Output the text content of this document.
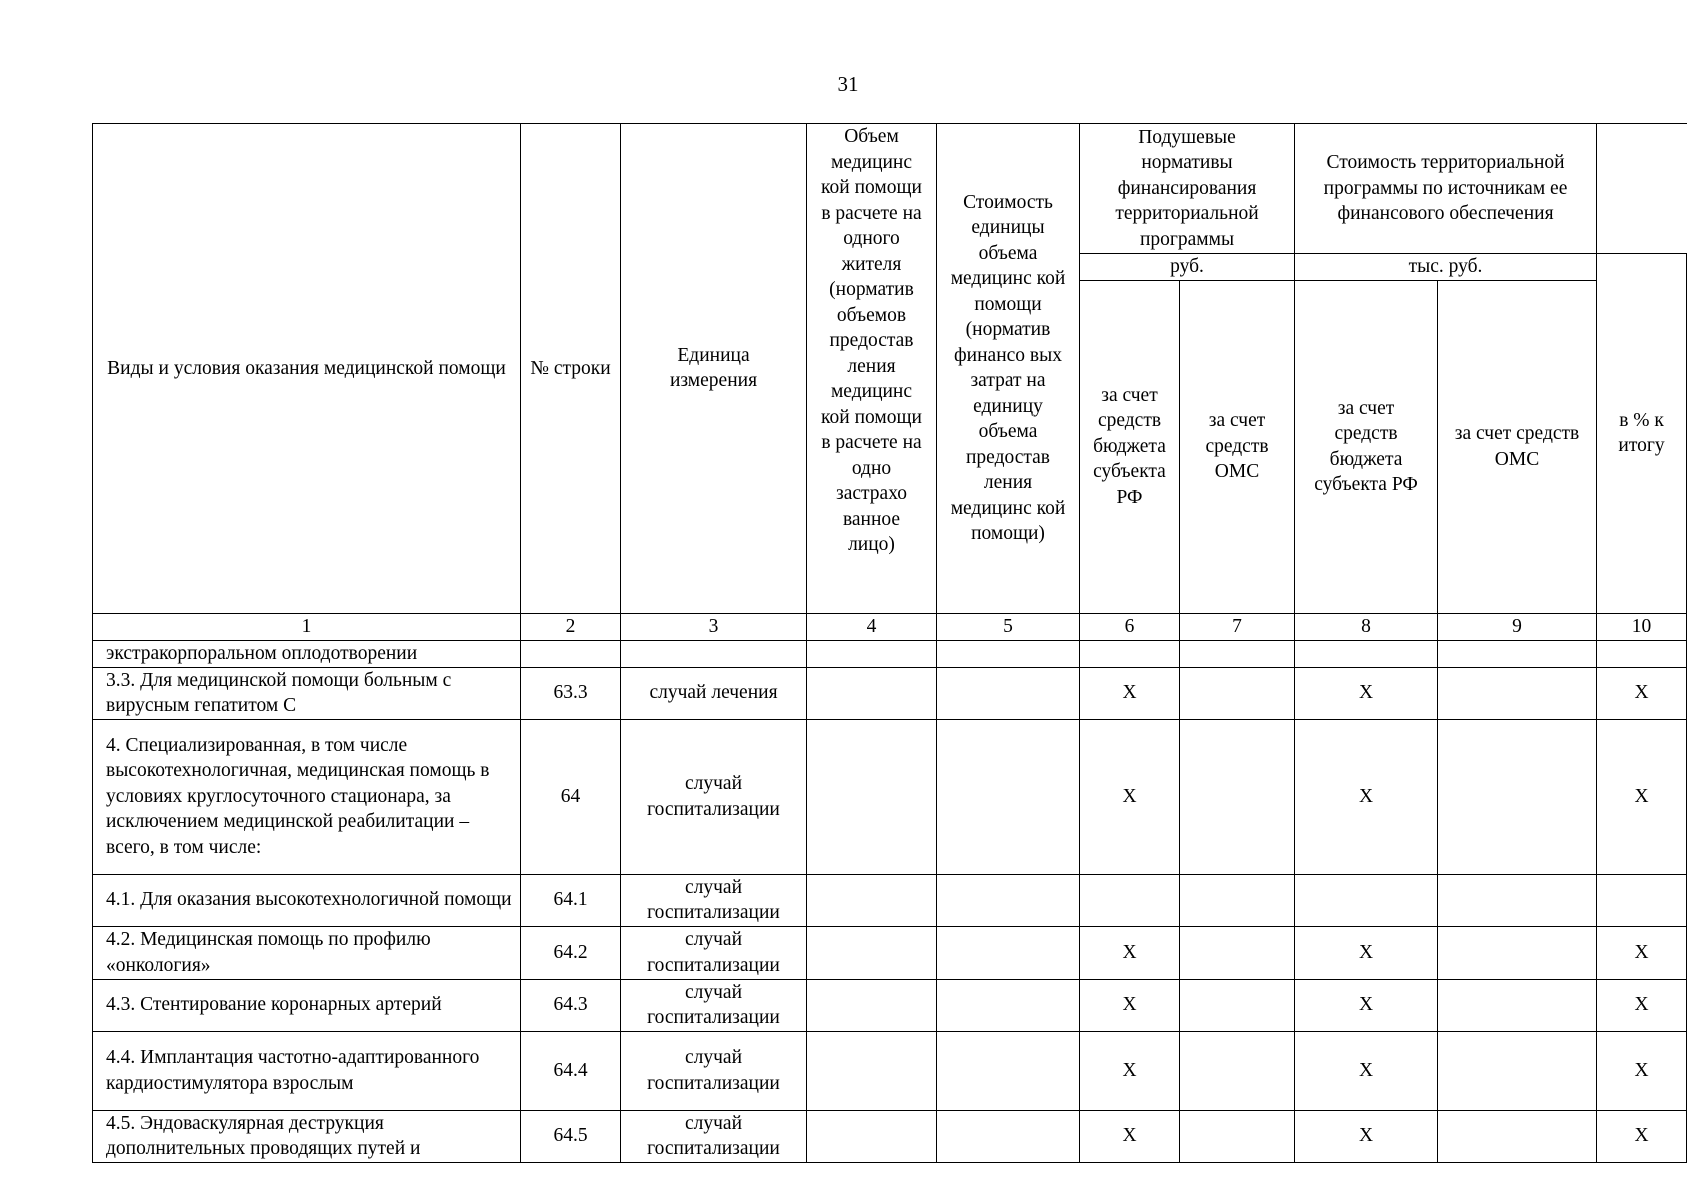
31
Виды и условия оказания медицинской помощи	№ строки	Единица измерения	Объем медицинс кой помощи в расчете на одного жителя (норматив объемов предостав ления медицинс кой помощи в расчете на одно застрахо ванное лицо)	Стоимость единицы объема медицинс кой помощи (норматив финансо вых затрат на единицу объема предостав ления медицинс кой помощи)	Подушевые нормативы финансирования территориальной программы		Стоимость территориальной программы по источникам ее финансового обеспечения		
					руб.		тыс. руб.		в % к итогу
					за счет средств бюджета субъекта РФ	за счет средств ОМС	за счет средств бюджета субъекта РФ	за счет средств ОМС	
1	2	3	4	5	6	7	8	9	10
экстракорпоральном оплодотворении									
3.3. Для медицинской помощи больным с вирусным гепатитом С	63.3	случай лечения			X		X		X
4. Специализированная, в том числе высокотехнологичная, медицинская помощь в условиях круглосуточного стационара, за исключением медицинской реабилитации – всего, в том числе:	64	случай госпитализации			X		X		X
4.1. Для оказания высокотехнологичной помощи	64.1	случай госпитализации							
4.2. Медицинская помощь по профилю «онкология»	64.2	случай госпитализации			X		X		X
4.3. Стентирование коронарных артерий	64.3	случай госпитализации			X		X		X
4.4. Имплантация частотно-адаптированного кардиостимулятора взрослым	64.4	случай госпитализации			X		X		X
4.5. Эндоваскулярная деструкция дополнительных проводящих путей и	64.5	случай госпитализации			X		X		X
